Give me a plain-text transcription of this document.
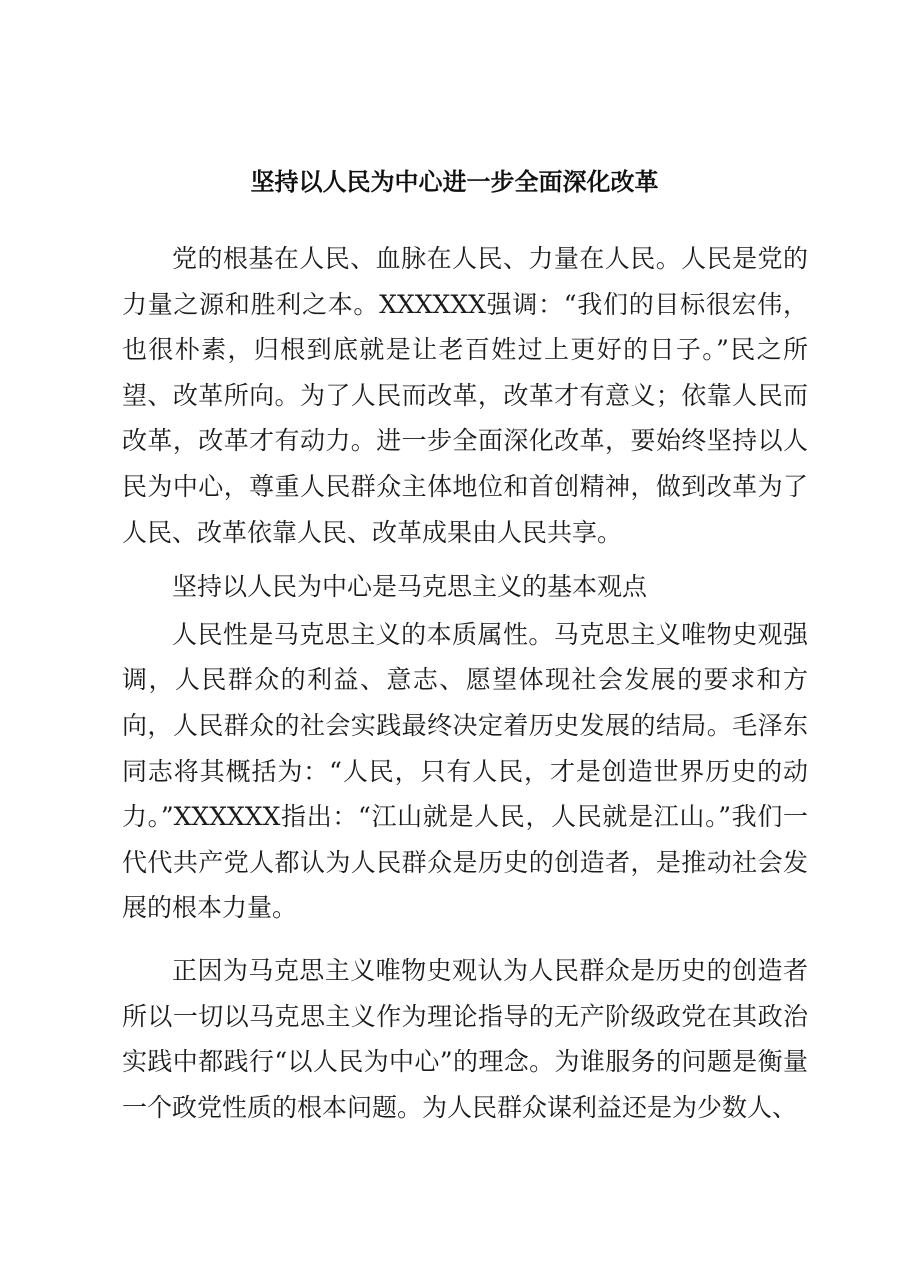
坚持以人民为中心进一步全面深化改革

党的根基在人民、血脉在人民、力量在人民。人民是党的力量之源和胜利之本。XXXXXX强调：“我们的目标很宏伟，也很朴素，归根到底就是让老百姓过上更好的日子。”民之所望、改革所向。为了人民而改革，改革才有意义；依靠人民而改革，改革才有动力。进一步全面深化改革，要始终坚持以人民为中心，尊重人民群众主体地位和首创精神，做到改革为了人民、改革依靠人民、改革成果由人民共享。

坚持以人民为中心是马克思主义的基本观点

人民性是马克思主义的本质属性。马克思主义唯物史观强调，人民群众的利益、意志、愿望体现社会发展的要求和方向，人民群众的社会实践最终决定着历史发展的结局。毛泽东同志将其概括为：“人民，只有人民，才是创造世界历史的动力。”XXXXXX指出：“江山就是人民，人民就是江山。”我们一代代共产党人都认为人民群众是历史的创造者，是推动社会发展的根本力量。

正因为马克思主义唯物史观认为人民群众是历史的创造者所以一切以马克思主义作为理论指导的无产阶级政党在其政治实践中都践行“以人民为中心”的理念。为谁服务的问题是衡量一个政党性质的根本问题。为人民群众谋利益还是为少数人、
